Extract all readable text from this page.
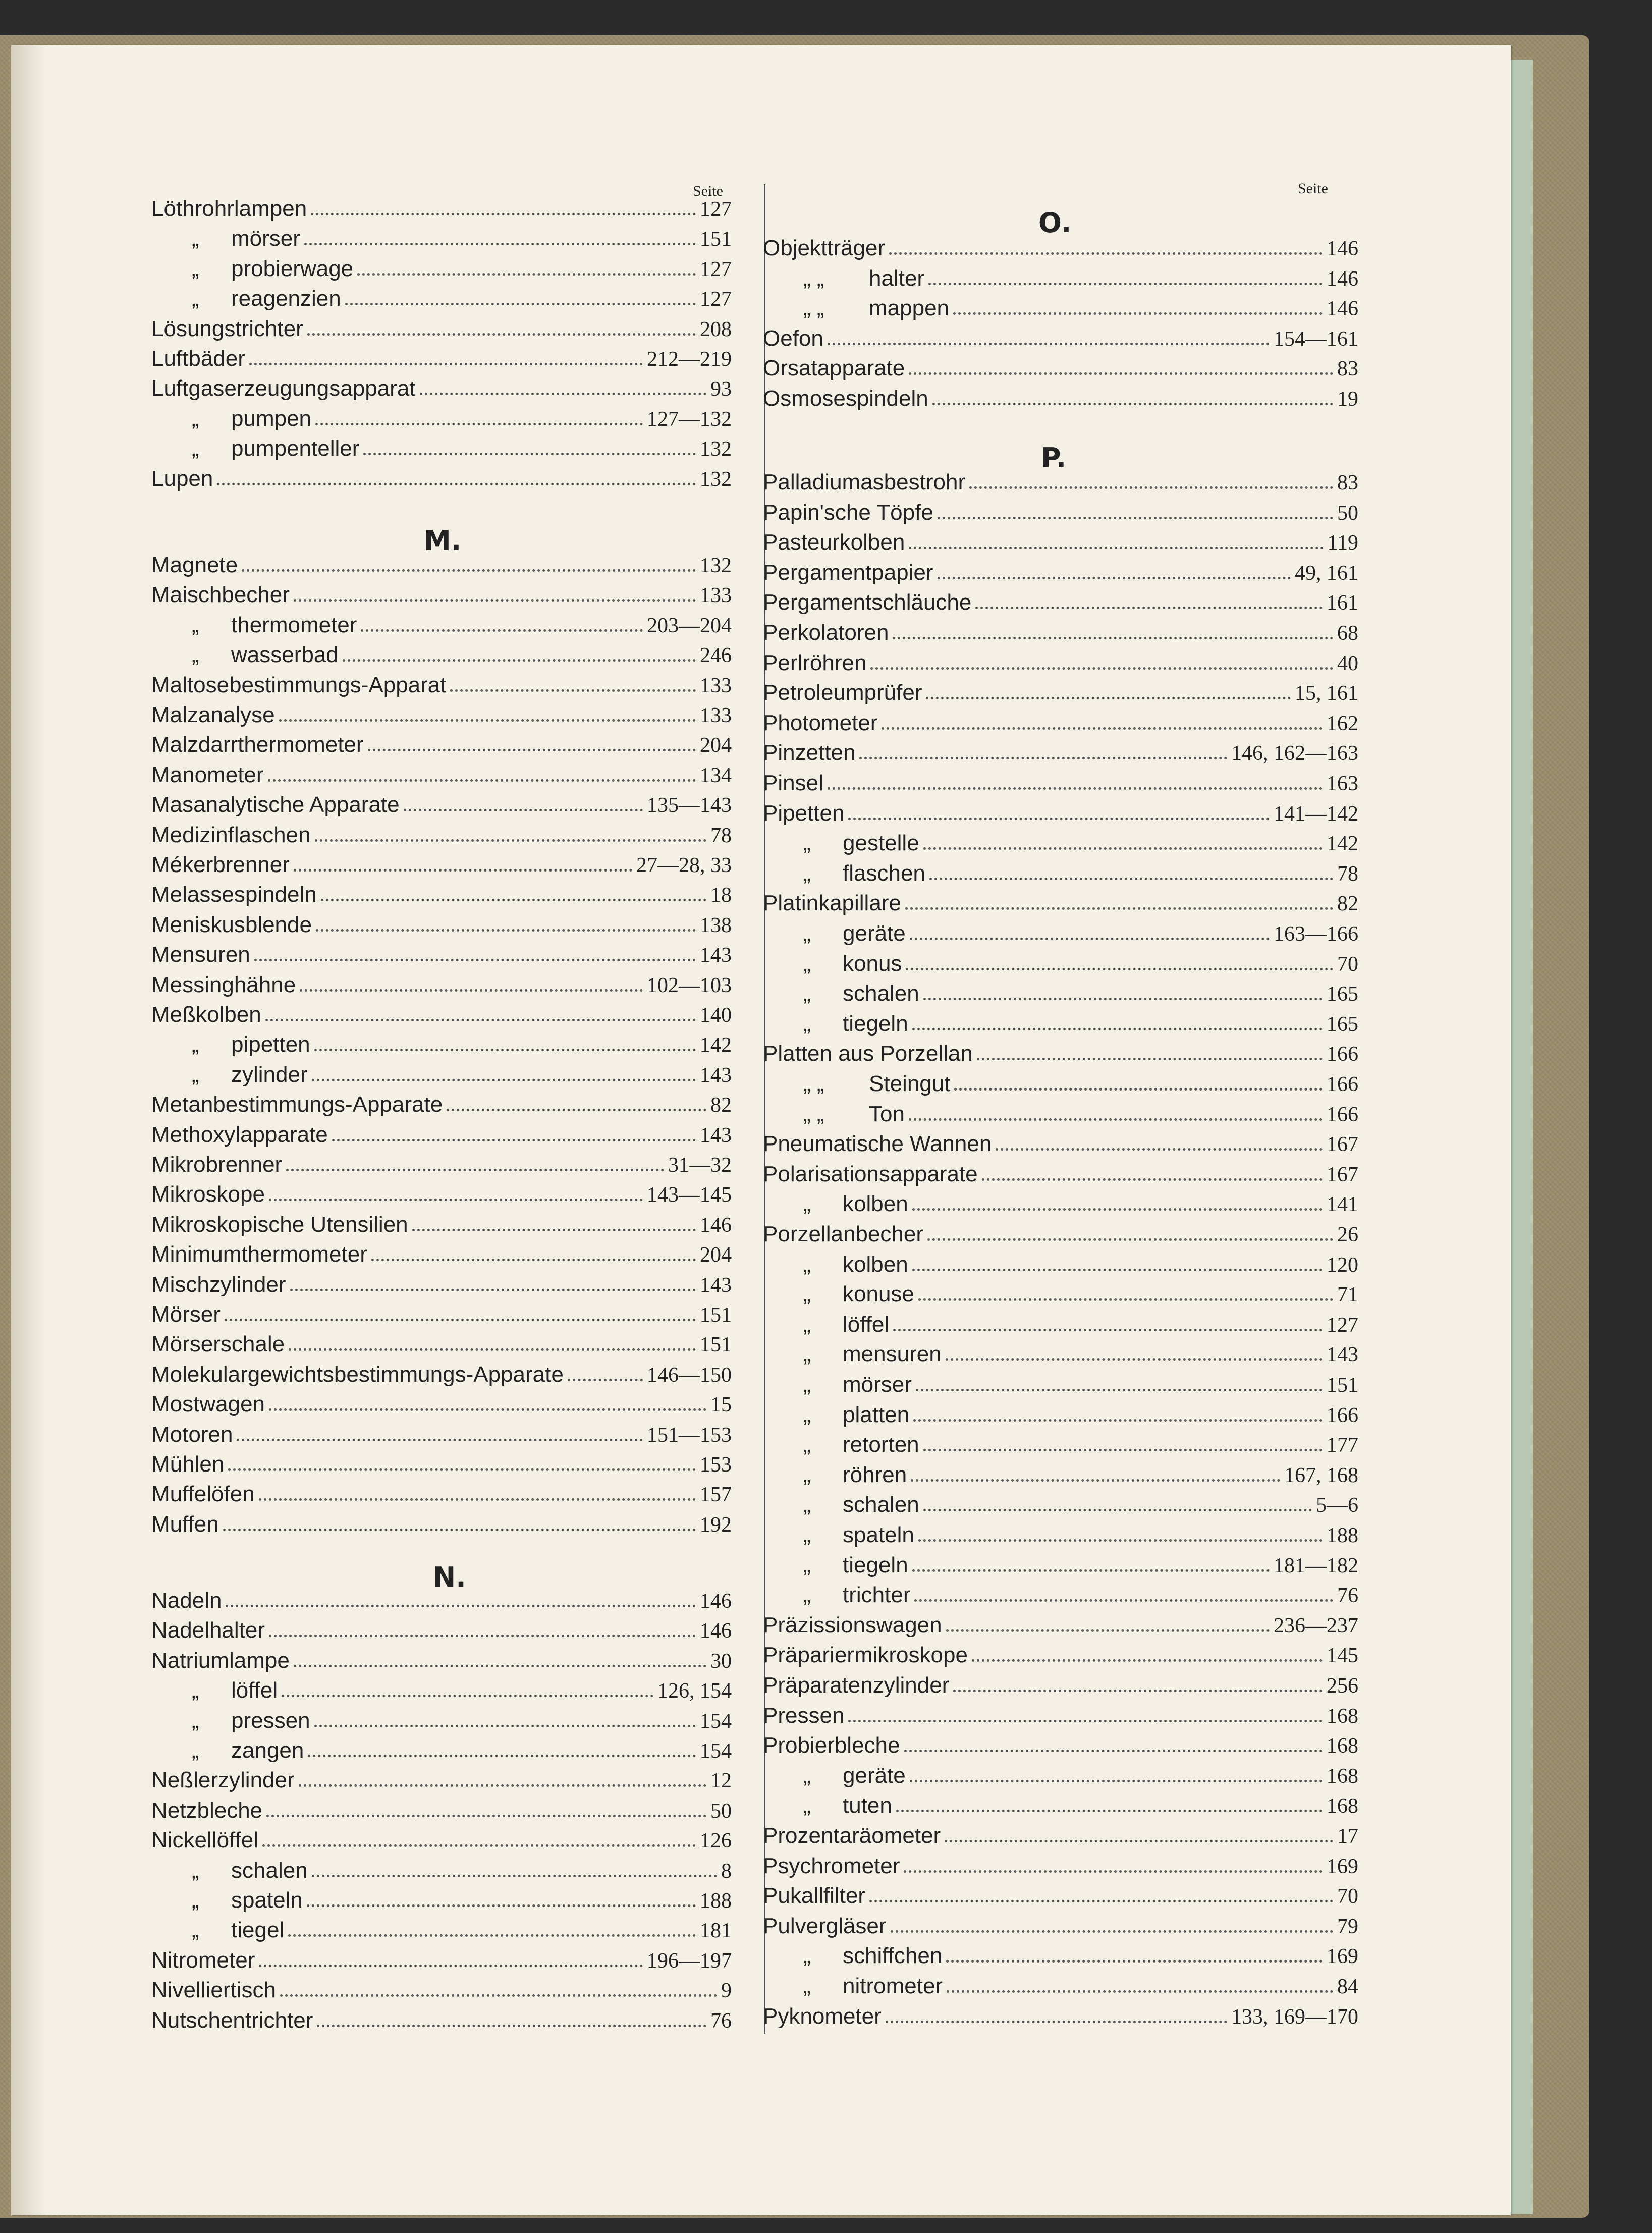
Seite	Seite
Löthrohrlampen	127
„	mörser	151
„	probierwage	127
„	reagenzien	127
Lösungstrichter	208
Luftbäder	212—219
Luftgaserzeugungsapparat	93
„	pumpen	127—132
„	pumpenteller	132
Lupen	132
M.
Magnete	132
Maischbecher	133
„	thermometer	203—204
„	wasserbad	246
Maltosebestimmungs-Apparat	133
Malzanalyse	133
Malzdarrthermometer	204
Manometer	134
Masanalytische Apparate	135—143
Medizinflaschen	78
Mékerbrenner	27—28, 33
Melassespindeln	18
Meniskusblende	138
Mensuren	143
Messinghähne	102—103
Meßkolben	140
„	pipetten	142
„	zylinder	143
Metanbestimmungs-Apparate	82
Methoxylapparate	143
Mikrobrenner	31—32
Mikroskope	143—145
Mikroskopische Utensilien	146
Minimumthermometer	204
Mischzylinder	143
Mörser	151
Mörserschale	151
Molekulargewichtsbestimmungs-Apparate	146—150
Mostwagen	15
Motoren	151—153
Mühlen	153
Muffelöfen	157
Muffen	192
N.
Nadeln	146
Nadelhalter	146
Natriumlampe	30
„	löffel	126, 154
„	pressen	154
„	zangen	154
Neßlerzylinder	12
Netzbleche	50
Nickellöffel	126
„	schalen	8
„	spateln	188
„	tiegel	181
Nitrometer	196—197
Nivelliertisch	9
Nutschentrichter	76
O.
Objektträger	146
„ „	halter	146
„ „	mappen	146
Oefon	154—161
Orsatapparate	83
Osmosespindeln	19
P.
Palladiumasbestrohr	83
Papin'sche Töpfe	50
Pasteurkolben	119
Pergamentpapier	49, 161
Pergamentschläuche	161
Perkolatoren	68
Perlröhren	40
Petroleumprüfer	15, 161
Photometer	162
Pinzetten	146, 162—163
Pinsel	163
Pipetten	141—142
„	gestelle	142
„	flaschen	78
Platinkapillare	82
„	geräte	163—166
„	konus	70
„	schalen	165
„	tiegeln	165
Platten aus Porzellan	166
„ „	Steingut	166
„ „	Ton	166
Pneumatische Wannen	167
Polarisationsapparate	167
„	kolben	141
Porzellanbecher	26
„	kolben	120
„	konuse	71
„	löffel	127
„	mensuren	143
„	mörser	151
„	platten	166
„	retorten	177
„	röhren	167, 168
„	schalen	5—6
„	spateln	188
„	tiegeln	181—182
„	trichter	76
Präzissionswagen	236—237
Präpariermikroskope	145
Präparatenzylinder	256
Pressen	168
Probierbleche	168
„	geräte	168
„	tuten	168
Prozentaräometer	17
Psychrometer	169
Pukallfilter	70
Pulvergläser	79
„	schiffchen	169
„	nitrometer	84
Pyknometer	133, 169—170
